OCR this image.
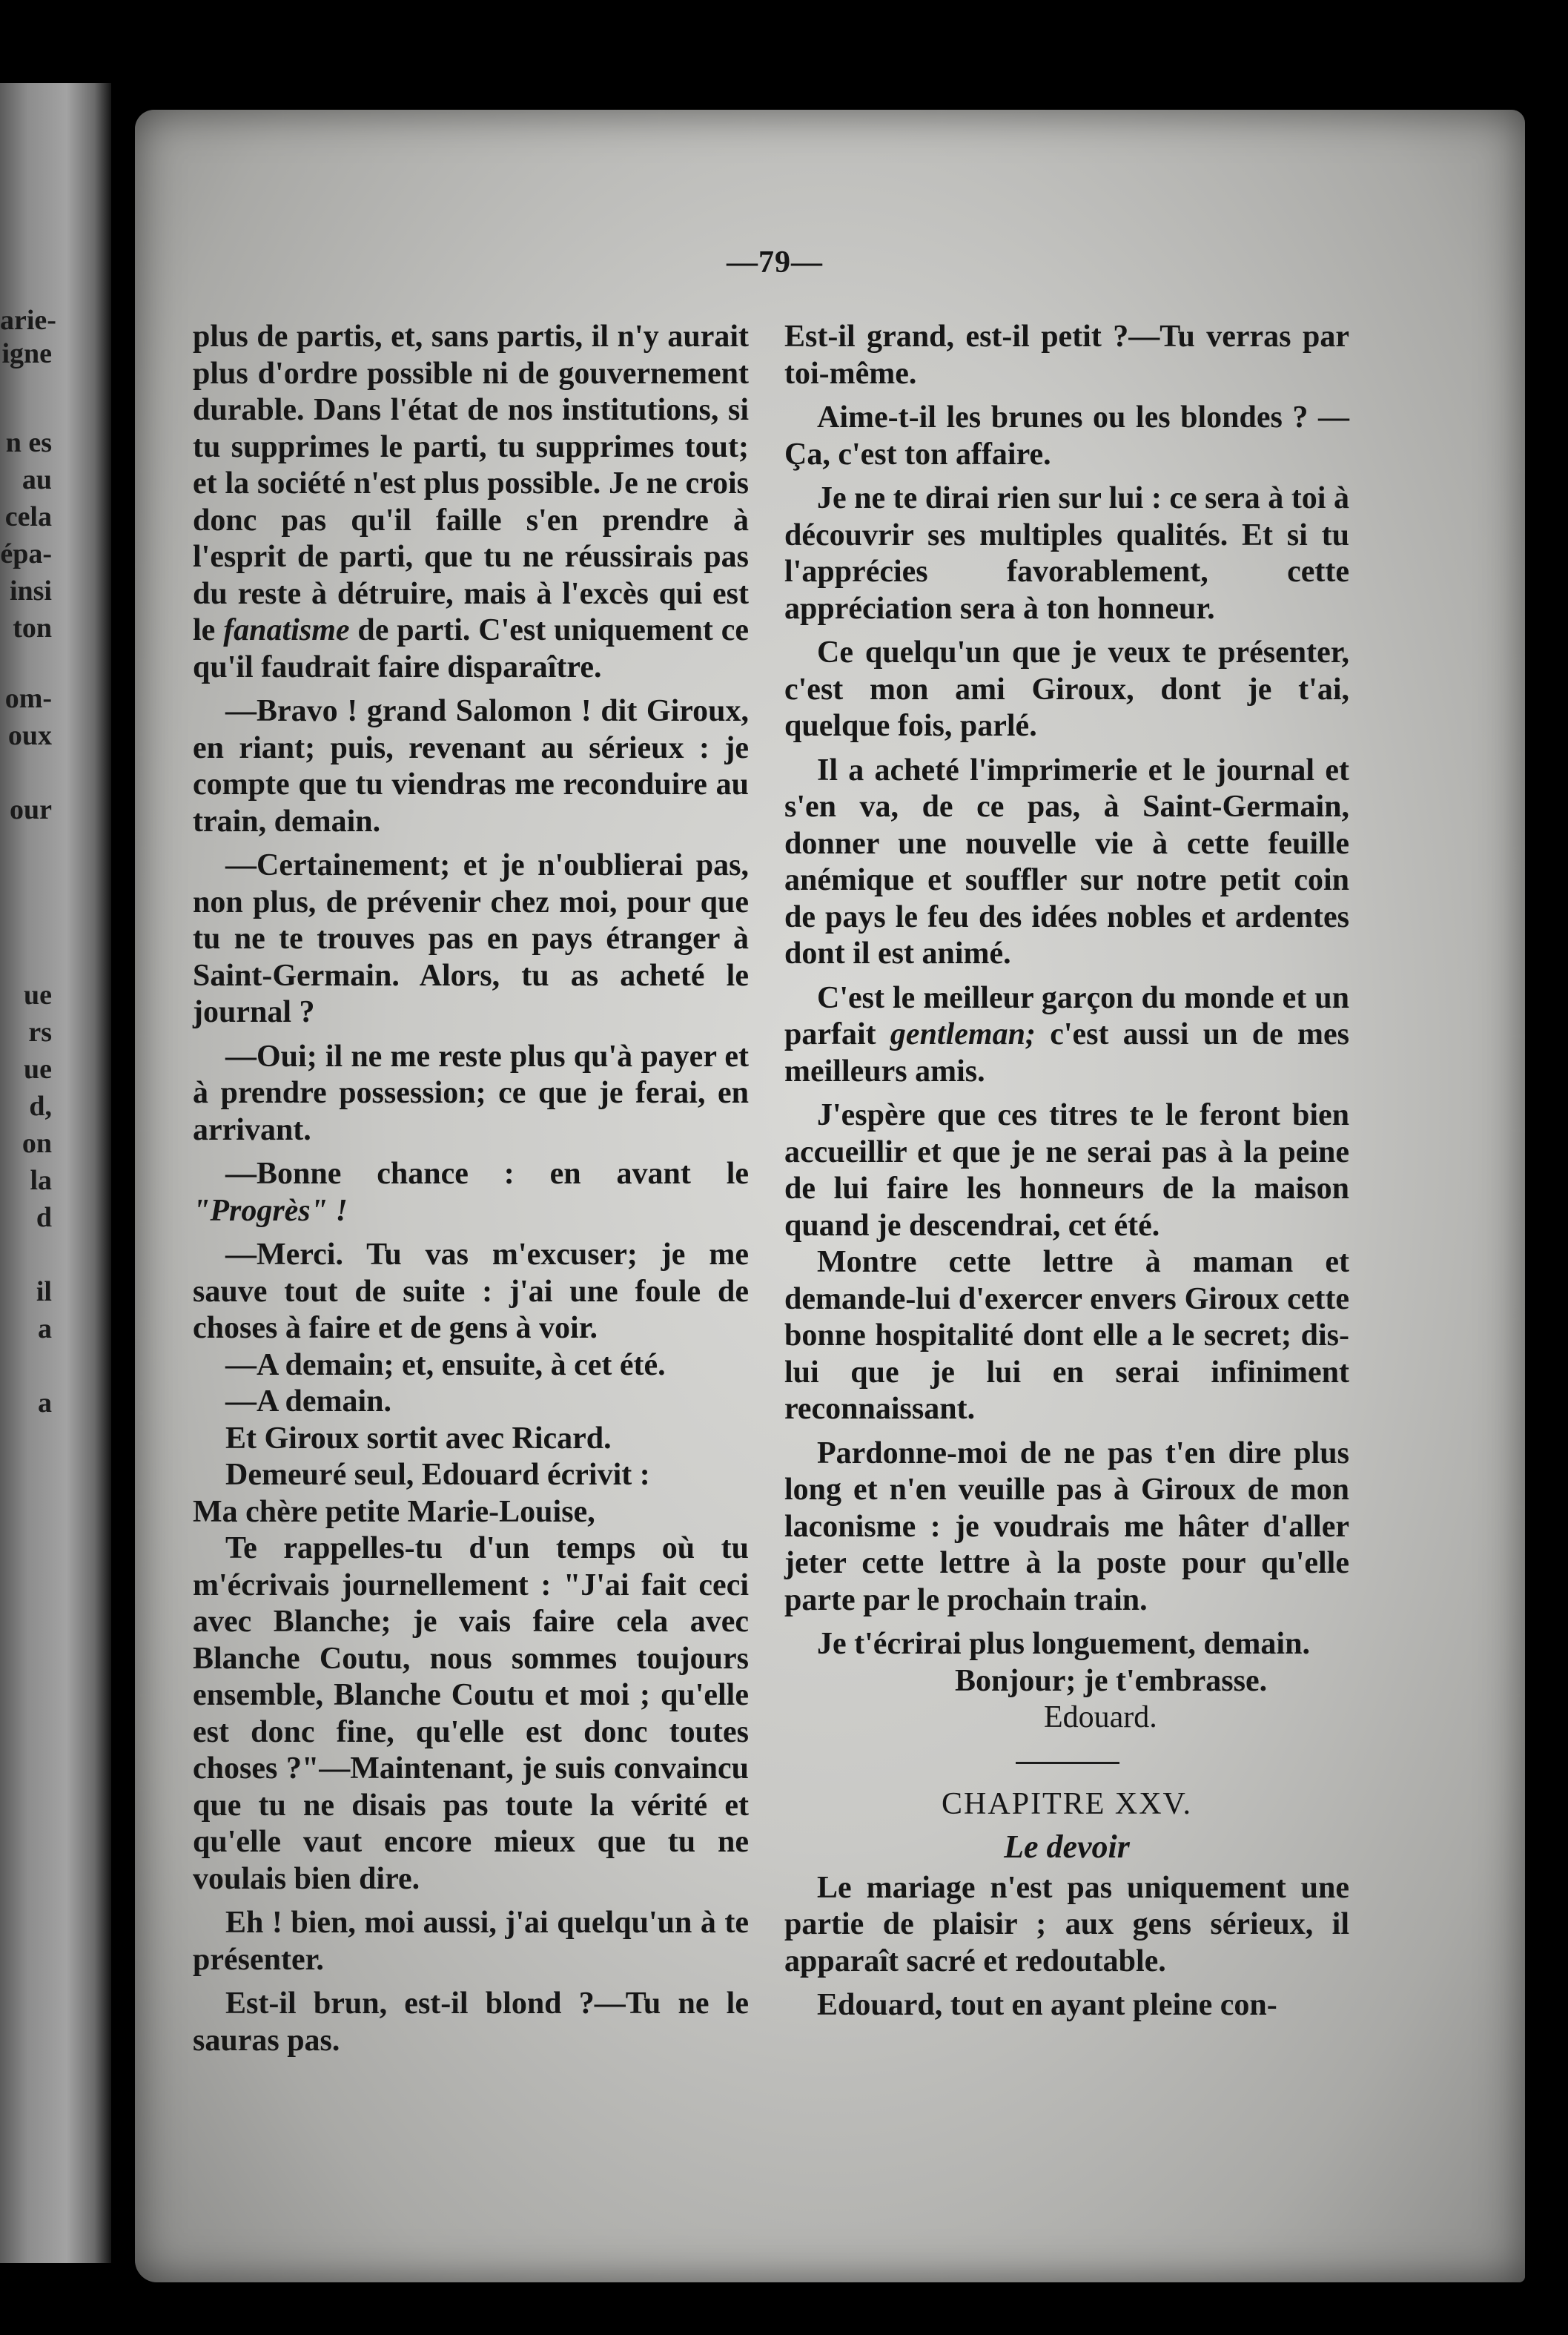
arie-
igne
n es
au
cela
épa-
insi
ton
om-
oux
our
ue
rs
ue
d,
on
la
d
il
a
a
—79—

plus de partis, et, sans partis, il n'y aurait plus d'ordre possible ni de gouvernement durable. Dans l'état de nos institutions, si tu supprimes le parti, tu supprimes tout; et la société n'est plus possible. Je ne crois donc pas qu'il faille s'en prendre à l'esprit de parti, que tu ne réussirais pas du reste à détruire, mais à l'excès qui est le fanatisme de parti. C'est uniquement ce qu'il faudrait faire disparaître.

—Bravo ! grand Salomon ! dit Giroux, en riant; puis, revenant au sérieux : je compte que tu viendras me reconduire au train, demain.

—Certainement; et je n'oublierai pas, non plus, de prévenir chez moi, pour que tu ne te trouves pas en pays étranger à Saint-Germain. Alors, tu as acheté le journal ?

—Oui; il ne me reste plus qu'à payer et à prendre possession; ce que je ferai, en arrivant.

—Bonne chance : en avant le "Progrès" !

—Merci. Tu vas m'excuser; je me sauve tout de suite : j'ai une foule de choses à faire et de gens à voir.

—A demain; et, ensuite, à cet été.

—A demain.

Et Giroux sortit avec Ricard.

Demeuré seul, Edouard écrivit :

Ma chère petite Marie-Louise,

Te rappelles-tu d'un temps où tu m'écrivais journellement : "J'ai fait ceci avec Blanche; je vais faire cela avec Blanche Coutu, nous sommes toujours ensemble, Blanche Coutu et moi ; qu'elle est donc fine, qu'elle est donc toutes choses ?"—Maintenant, je suis convaincu que tu ne disais pas toute la vérité et qu'elle vaut encore mieux que tu ne voulais bien dire.

Eh ! bien, moi aussi, j'ai quelqu'un à te présenter.

Est-il brun, est-il blond ?—Tu ne le sauras pas.

Est-il grand, est-il petit ?—Tu verras par toi-même.

Aime-t-il les brunes ou les blondes ? —Ça, c'est ton affaire.

Je ne te dirai rien sur lui : ce sera à toi à découvrir ses multiples qualités. Et si tu l'apprécies favorablement, cette appréciation sera à ton honneur.

Ce quelqu'un que je veux te présenter, c'est mon ami Giroux, dont je t'ai, quelque fois, parlé.

Il a acheté l'imprimerie et le journal et s'en va, de ce pas, à Saint-Germain, donner une nouvelle vie à cette feuille anémique et souffler sur notre petit coin de pays le feu des idées nobles et ardentes dont il est animé.

C'est le meilleur garçon du monde et un parfait gentleman; c'est aussi un de mes meilleurs amis.

J'espère que ces titres te le feront bien accueillir et que je ne serai pas à la peine de lui faire les honneurs de la maison quand je descendrai, cet été.

Montre cette lettre à maman et demande-lui d'exercer envers Giroux cette bonne hospitalité dont elle a le secret; dis-lui que je lui en serai infiniment reconnaissant.

Pardonne-moi de ne pas t'en dire plus long et n'en veuille pas à Giroux de mon laconisme : je voudrais me hâter d'aller jeter cette lettre à la poste pour qu'elle parte par le prochain train.

Je t'écrirai plus longuement, demain.

Bonjour; je t'embrasse.

Edouard.

CHAPITRE XXV.

Le devoir

Le mariage n'est pas uniquement une partie de plaisir ; aux gens sérieux, il apparaît sacré et redoutable.

Edouard, tout en ayant pleine con-
